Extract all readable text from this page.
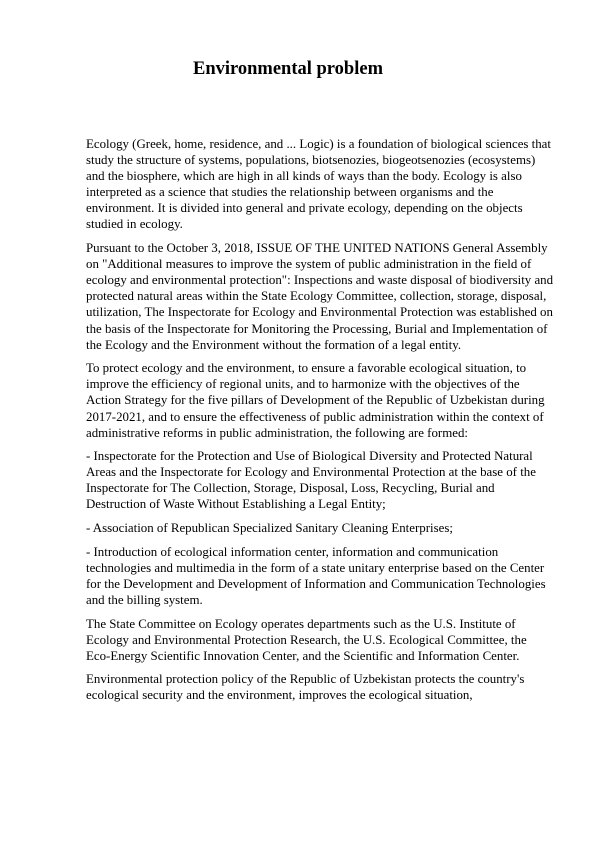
Environmental problem

Ecology (Greek, home, residence, and ... Logic) is a foundation of biological sciences that study the structure of systems, populations, biotsenozies, biogeotsenozies (ecosystems) and the biosphere, which are high in all kinds of ways than the body. Ecology is also interpreted as a science that studies the relationship between organisms and the environment. It is divided into general and private ecology, depending on the objects studied in ecology.

Pursuant to the October 3, 2018, ISSUE OF THE UNITED NATIONS General Assembly on "Additional measures to improve the system of public administration in the field of ecology and environmental protection": Inspections and waste disposal of biodiversity and protected natural areas within the State Ecology Committee, collection, storage, disposal, utilization, The Inspectorate for Ecology and Environmental Protection was established on the basis of the Inspectorate for Monitoring the Processing, Burial and Implementation of the Ecology and the Environment without the formation of a legal entity.

To protect ecology and the environment, to ensure a favorable ecological situation, to improve the efficiency of regional units, and to harmonize with the objectives of the Action Strategy for the five pillars of Development of the Republic of Uzbekistan during 2017-2021, and to ensure the effectiveness of public administration within the context of administrative reforms in public administration, the following are formed:

- Inspectorate for the Protection and Use of Biological Diversity and Protected Natural Areas and the Inspectorate for Ecology and Environmental Protection at the base of the Inspectorate for The Collection, Storage, Disposal, Loss, Recycling, Burial and Destruction of Waste Without Establishing a Legal Entity;

- Association of Republican Specialized Sanitary Cleaning Enterprises;

- Introduction of ecological information center, information and communication technologies and multimedia in the form of a state unitary enterprise based on the Center for the Development and Development of Information and Communication Technologies and the billing system.

The State Committee on Ecology operates departments such as the U.S. Institute of Ecology and Environmental Protection Research, the U.S. Ecological Committee, the Eco-Energy Scientific Innovation Center, and the Scientific and Information Center.

Environmental protection policy of the Republic of Uzbekistan protects the country's ecological security and the environment, improves the ecological situation,
